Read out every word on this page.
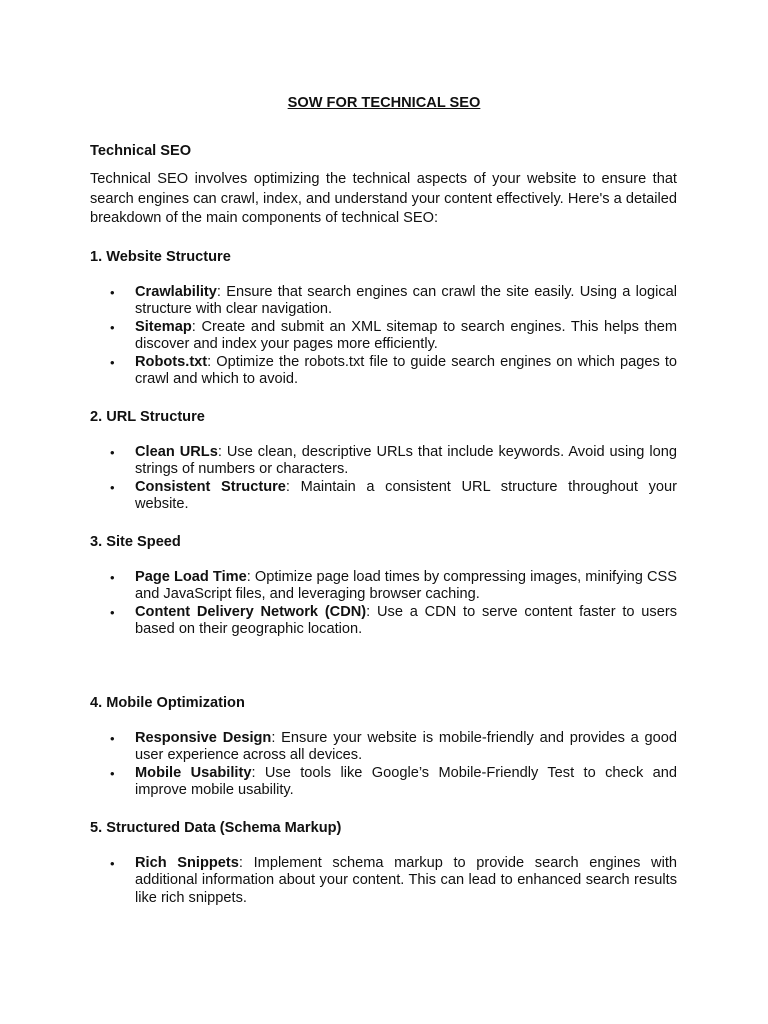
SOW FOR TECHNICAL SEO

Technical SEO

Technical SEO involves optimizing the technical aspects of your website to ensure that search engines can crawl, index, and understand your content effectively. Here's a detailed breakdown of the main components of technical SEO:

1. Website Structure

• Crawlability: Ensure that search engines can crawl the site easily. Using a logical structure with clear navigation.
• Sitemap: Create and submit an XML sitemap to search engines. This helps them discover and index your pages more efficiently.
• Robots.txt: Optimize the robots.txt file to guide search engines on which pages to crawl and which to avoid.

2. URL Structure

• Clean URLs: Use clean, descriptive URLs that include keywords. Avoid using long strings of numbers or characters.
• Consistent Structure: Maintain a consistent URL structure throughout your website.

3. Site Speed

• Page Load Time: Optimize page load times by compressing images, minifying CSS and JavaScript files, and leveraging browser caching.
• Content Delivery Network (CDN): Use a CDN to serve content faster to users based on their geographic location.

4. Mobile Optimization

• Responsive Design: Ensure your website is mobile-friendly and provides a good user experience across all devices.
• Mobile Usability: Use tools like Google’s Mobile-Friendly Test to check and improve mobile usability.

5. Structured Data (Schema Markup)

• Rich Snippets: Implement schema markup to provide search engines with additional information about your content. This can lead to enhanced search results like rich snippets.
